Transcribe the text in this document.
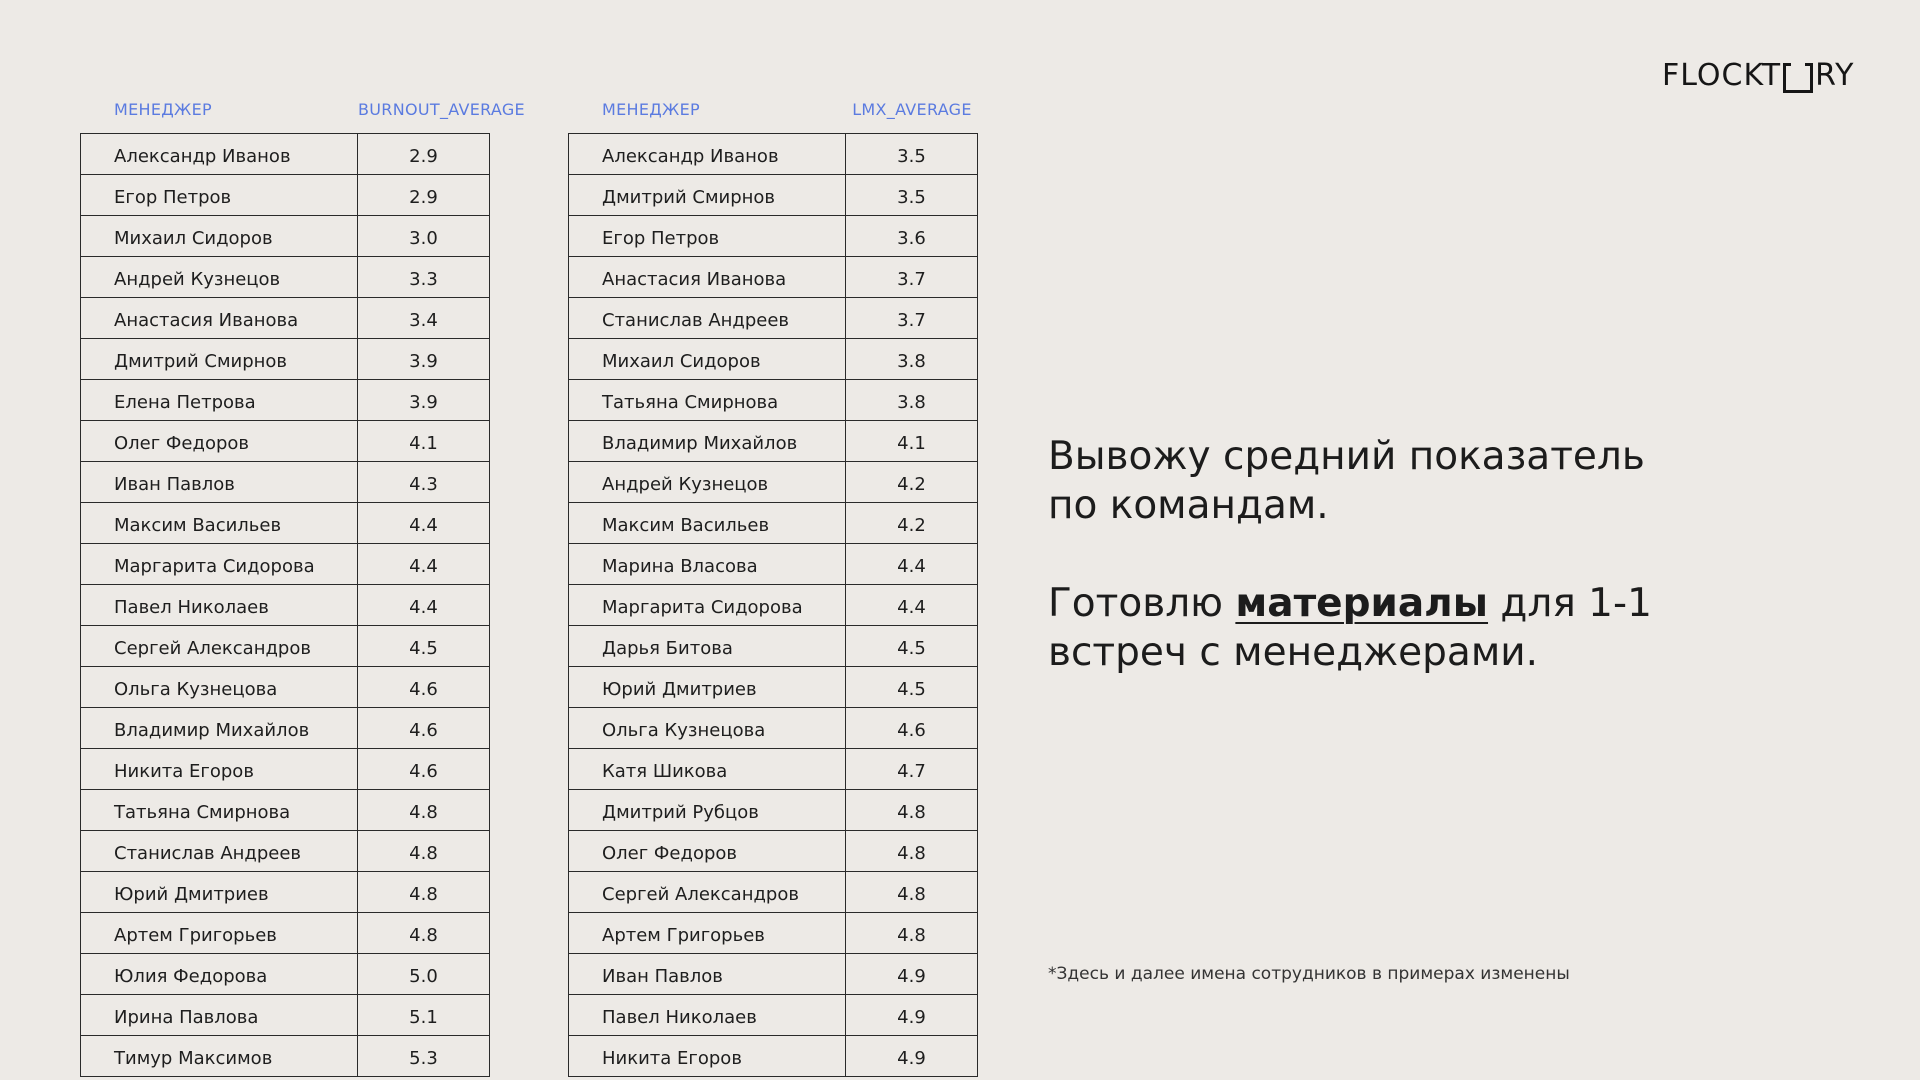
FLOCKT RY
МЕНЕДЖЕР	BURNOUT_AVERAGE
Александр Иванов	2.9
Егор Петров	2.9
Михаил Сидоров	3.0
Андрей Кузнецов	3.3
Анастасия Иванова	3.4
Дмитрий Смирнов	3.9
Елена Петрова	3.9
Олег Федоров	4.1
Иван Павлов	4.3
Максим Васильев	4.4
Маргарита Сидорова	4.4
Павел Николаев	4.4
Сергей Александров	4.5
Ольга Кузнецова	4.6
Владимир Михайлов	4.6
Никита Егоров	4.6
Татьяна Смирнова	4.8
Станислав Андреев	4.8
Юрий Дмитриев	4.8
Артем Григорьев	4.8
Юлия Федорова	5.0
Ирина Павлова	5.1
Тимур Максимов	5.3
МЕНЕДЖЕР	LMX_AVERAGE
Александр Иванов	3.5
Дмитрий Смирнов	3.5
Егор Петров	3.6
Анастасия Иванова	3.7
Станислав Андреев	3.7
Михаил Сидоров	3.8
Татьяна Смирнова	3.8
Владимир Михайлов	4.1
Андрей Кузнецов	4.2
Максим Васильев	4.2
Марина Власова	4.4
Маргарита Сидорова	4.4
Дарья Битова	4.5
Юрий Дмитриев	4.5
Ольга Кузнецова	4.6
Катя Шикова	4.7
Дмитрий Рубцов	4.8
Олег Федоров	4.8
Сергей Александров	4.8
Артем Григорьев	4.8
Иван Павлов	4.9
Павел Николаев	4.9
Никита Егоров	4.9

Вывожу средний показатель

по командам.

Готовлю материалы для 1-1

встреч с менеджерами.

*Здесь и далее имена сотрудников в примерах изменены
